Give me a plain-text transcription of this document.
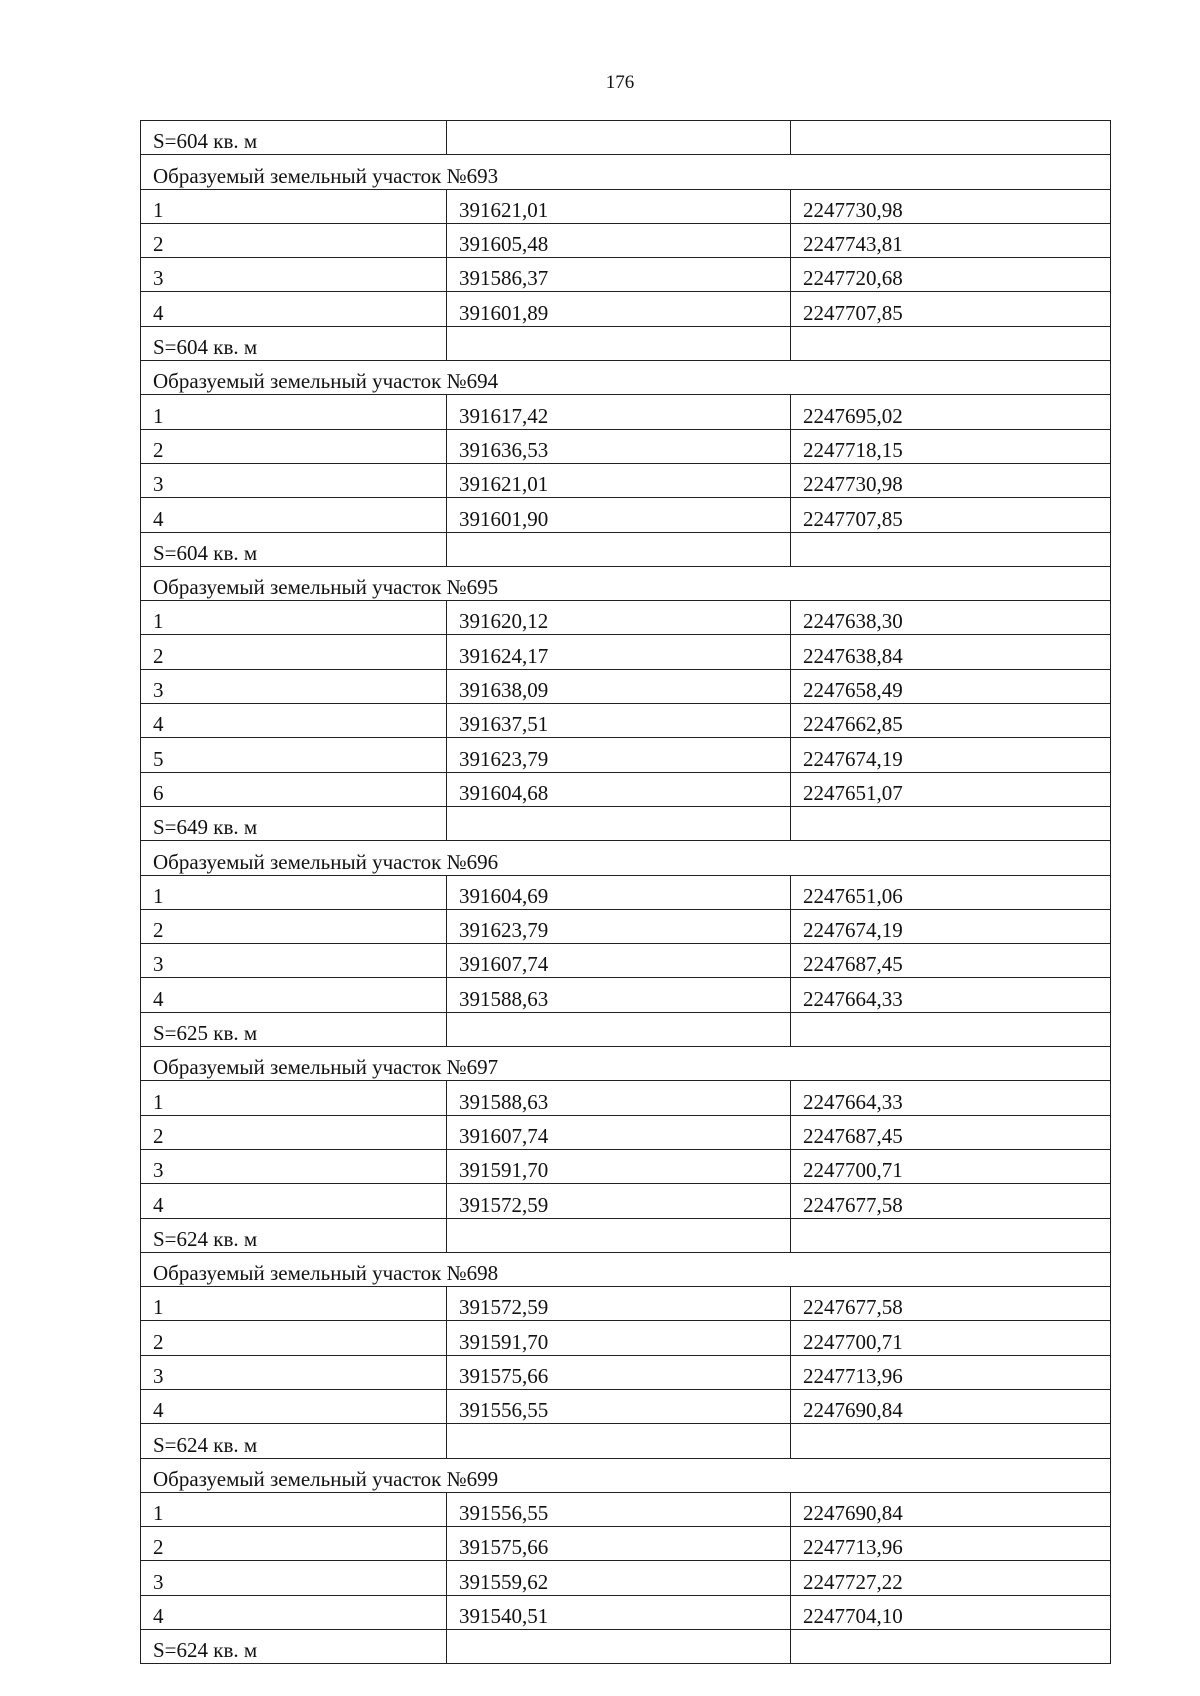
176
S=604 кв. м		
Образуемый земельный участок №693		
1	391621,01	2247730,98
2	391605,48	2247743,81
3	391586,37	2247720,68
4	391601,89	2247707,85
S=604 кв. м		
Образуемый земельный участок №694		
1	391617,42	2247695,02
2	391636,53	2247718,15
3	391621,01	2247730,98
4	391601,90	2247707,85
S=604 кв. м		
Образуемый земельный участок №695		
1	391620,12	2247638,30
2	391624,17	2247638,84
3	391638,09	2247658,49
4	391637,51	2247662,85
5	391623,79	2247674,19
6	391604,68	2247651,07
S=649 кв. м		
Образуемый земельный участок №696		
1	391604,69	2247651,06
2	391623,79	2247674,19
3	391607,74	2247687,45
4	391588,63	2247664,33
S=625 кв. м		
Образуемый земельный участок №697		
1	391588,63	2247664,33
2	391607,74	2247687,45
3	391591,70	2247700,71
4	391572,59	2247677,58
S=624 кв. м		
Образуемый земельный участок №698		
1	391572,59	2247677,58
2	391591,70	2247700,71
3	391575,66	2247713,96
4	391556,55	2247690,84
S=624 кв. м		
Образуемый земельный участок №699		
1	391556,55	2247690,84
2	391575,66	2247713,96
3	391559,62	2247727,22
4	391540,51	2247704,10
S=624 кв. м		
